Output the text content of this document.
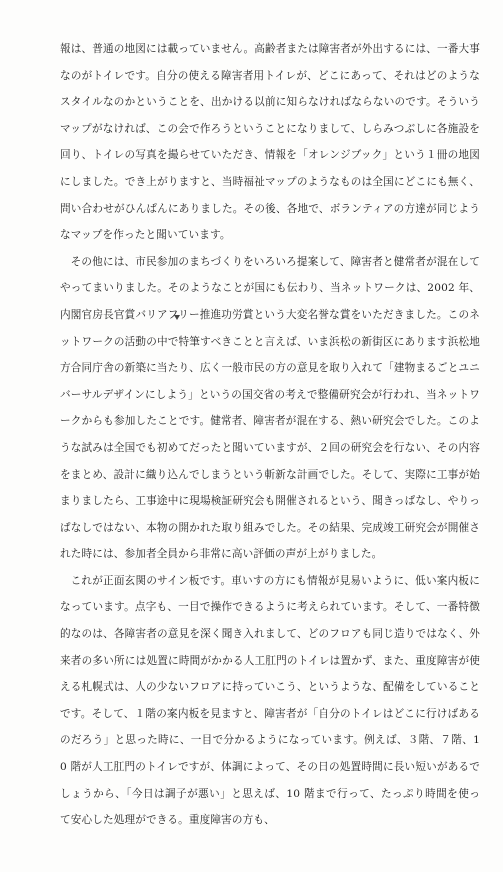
報は、普通の地図には載っていません。高齢者または障害者が外出するには、一番大事なのがトイレです。自分の使える障害者用トイレが、どこにあって、それはどのようなスタイルなのかということを、出かける以前に知らなければならないのです。そういうマップがなければ、この会で作ろうということになりまして、しらみつぶしに各施設を回り、トイレの写真を撮らせていただき、情報を「オレンジブック」という１冊の地図にしました。でき上がりますと、当時福祉マップのようなものは全国にどこにも無く、問い合わせがひんぱんにありました。その後、各地で、ボランティアの方達が同じようなマップを作ったと聞いています。

その他には、市民参加のまちづくりをいろいろ提案して、障害者と健常者が混在してやってまいりました。そのようなことが国にも伝わり、当ネットワークは、2002 年、内閣官房長官賞バリアフリー推進功労賞という大変名誉な賞をいただきました。このネットワークの活動の中で特筆すべきことと言えば、いま浜松の新街区にあります浜松地方合同庁舎の新築に当たり、広く一般市民の方の意見を取り入れて「建物まるごとユニバーサルデザインにしよう」というの国交省の考えで整備研究会が行われ、当ネットワークからも参加したことです。健常者、障害者が混在する、熱い研究会でした。このような試みは全国でも初めてだったと聞いていますが、２回の研究会を行ない、その内容をまとめ、設計に織り込んでしまうという斬新な計画でした。そして、実際に工事が始まりましたら、工事途中に現場検証研究会も開催されるという、聞きっぱなし、やりっぱなしではない、本物の開かれた取り組みでした。その結果、完成竣工研究会が開催された時には、参加者全員から非常に高い評価の声が上がりました。

これが正面玄関のサイン板です。車いすの方にも情報が見易いように、低い案内板になっています。点字も、一目で操作できるように考えられています。そして、一番特徴的なのは、各障害者の意見を深く聞き入れまして、どのフロアも同じ造りではなく、外来者の多い所には処置に時間がかかる人工肛門のトイレは置かず、また、重度障害が使える札幌式は、人の少ないフロアに持っていこう、というような、配備をしていることです。そして、１階の案内板を見ますと、障害者が「自分のトイレはどこに行けばあるのだろう」と思った時に、一目で分かるようになっています。例えば、３階、７階、10 階が人工肛門のトイレですが、体調によって、その日の処置時間に長い短いがあるでしょうから、「今日は調子が悪い」と思えば、10 階まで行って、たっぷり時間を使って安心した処理ができる。重度障害の方も、
